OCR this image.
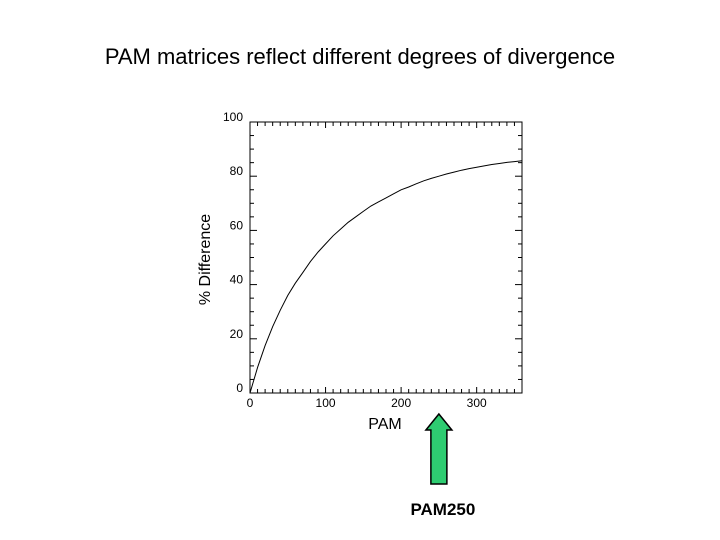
PAM matrices reflect different degrees of divergence
0
20
40
60
80
100
0	100	200	300
% Difference
PAM
PAM250
